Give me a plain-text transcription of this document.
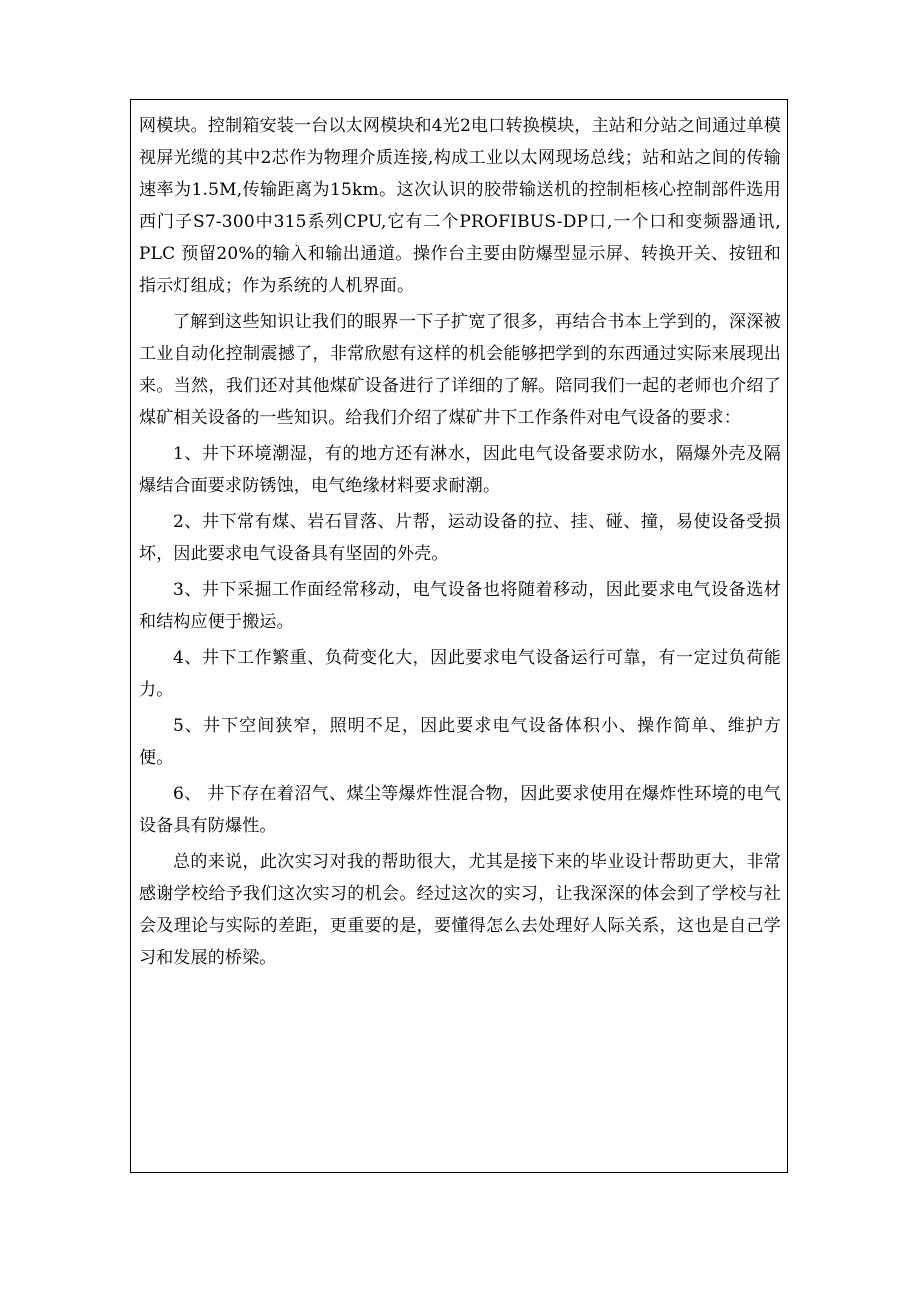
网模块。控制箱安装一台以太网模块和4光2电口转换模块，主站和分站之间通过单模视屏光缆的其中2芯作为物理介质连接,构成工业以太网现场总线；站和站之间的传输速率为1.5M,传输距离为15km。这次认识的胶带输送机的控制柜核心控制部件选用西门子S7-300中315系列CPU,它有二个PROFIBUS-DP口,一个口和变频器通讯, PLC 预留20%的输入和输出通道。操作台主要由防爆型显示屏、转换开关、按钮和指示灯组成；作为系统的人机界面。

了解到这些知识让我们的眼界一下子扩宽了很多，再结合书本上学到的，深深被工业自动化控制震撼了，非常欣慰有这样的机会能够把学到的东西通过实际来展现出来。当然，我们还对其他煤矿设备进行了详细的了解。陪同我们一起的老师也介绍了煤矿相关设备的一些知识。给我们介绍了煤矿井下工作条件对电气设备的要求：

1、井下环境潮湿，有的地方还有淋水，因此电气设备要求防水，隔爆外壳及隔爆结合面要求防锈蚀，电气绝缘材料要求耐潮。

2、井下常有煤、岩石冒落、片帮，运动设备的拉、挂、碰、撞，易使设备受损坏，因此要求电气设备具有坚固的外壳。

3、井下采掘工作面经常移动，电气设备也将随着移动，因此要求电气设备选材和结构应便于搬运。

4、井下工作繁重、负荷变化大，因此要求电气设备运行可靠，有一定过负荷能力。

5、井下空间狭窄，照明不足，因此要求电气设备体积小、操作简单、维护方便。

6、 井下存在着沼气、煤尘等爆炸性混合物，因此要求使用在爆炸性环境的电气设备具有防爆性。

总的来说，此次实习对我的帮助很大，尤其是接下来的毕业设计帮助更大，非常感谢学校给予我们这次实习的机会。经过这次的实习，让我深深的体会到了学校与社会及理论与实际的差距，更重要的是，要懂得怎么去处理好人际关系，这也是自己学习和发展的桥梁。
